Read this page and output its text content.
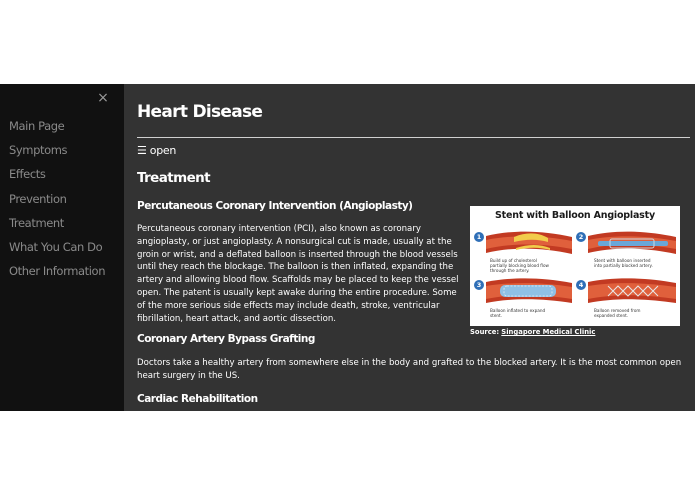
×
Main Page
Symptoms
Effects
Prevention
Treatment
What You Can Do
Other Information
Heart Disease
☰ open
Treatment
Percutaneous Coronary Intervention (Angioplasty)

Percutaneous coronary intervention (PCI), also known as coronary angioplasty, or just angioplasty. A nonsurgical cut is made, usually at the groin or wrist, and a deflated balloon is inserted through the blood vessels until they reach the blockage. The balloon is then inflated, expanding the artery and allowing blood flow. Scaffolds may be placed to keep the vessel open. The patent is usually kept awake during the entire procedure. Some of the more serious side effects may include death, stroke, ventricular fibrillation, heart attack, and aortic dissection.

Stent with Balloon Angioplasty
1
Build up of cholesterol partially blocking blood flow through the artery.
2
Stent with balloon inserted into partially blocked artery.
3
Balloon inflated to expand stent.
4
Balloon removed from expanded stent.
Source: Singapore Medical Clinic
Coronary Artery Bypass Grafting

Doctors take a healthy artery from somewhere else in the body and grafted to the blocked artery. It is the most common open heart surgery in the US.

Cardiac Rehabilitation
